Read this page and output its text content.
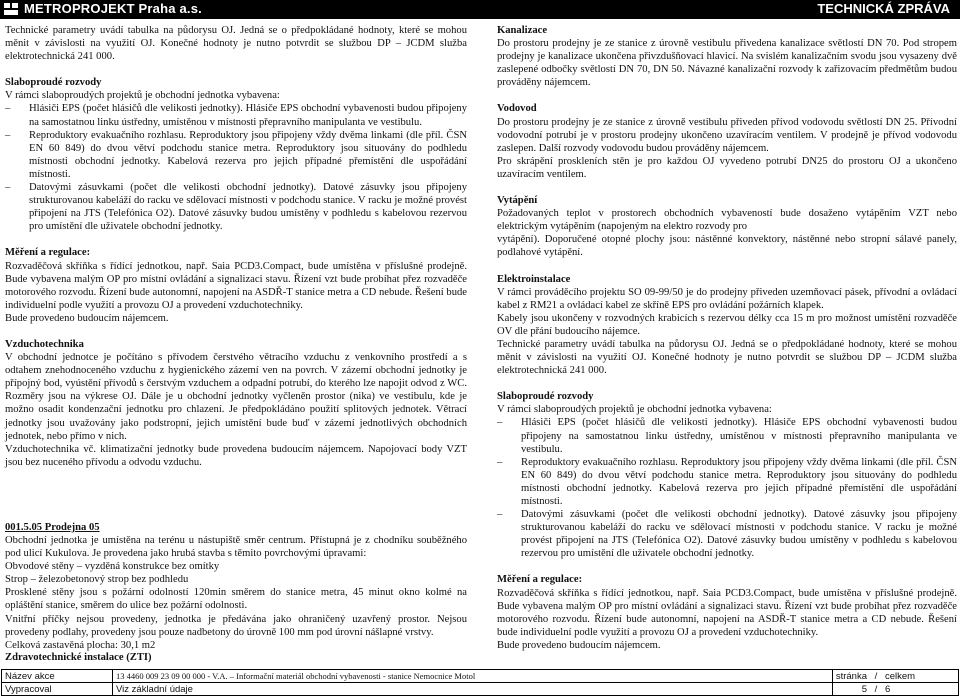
METROPROJEKT Praha a.s.	TECHNICKÁ ZPRÁVA

Technické parametry uvádí tabulka na půdorysu OJ. Jedná se o předpokládané hodnoty, které se mohou měnit v závislosti na využití OJ. Konečné hodnoty je nutno potvrdit se službou DP – JCDM služba elektrotechnická 241 000.

Slaboproudé rozvody

V rámci slaboproudých projektů je obchodní jednotka vybavena:

–	Hlásiči EPS (počet hlásičů dle velikosti jednotky). Hlásiče EPS obchodní vybavenosti budou připojeny na samostatnou linku ústředny, umístěnou v místnosti přepravního manipulanta ve vestibulu.
–	Reproduktory evakuačního rozhlasu. Reproduktory jsou připojeny vždy dvěma linkami (dle příl. ČSN EN 60 849) do dvou větví podchodu stanice metra. Reproduktory jsou situovány do podhledu místnosti obchodní jednotky. Kabelová rezerva pro jejich případné přemístění dle uspořádání místnosti.
–	Datovými zásuvkami (počet dle velikosti obchodní jednotky). Datové zásuvky jsou připojeny strukturovanou kabeláží do racku ve sdělovací místnosti v podchodu stanice. V racku je možné provést připojení na JTS (Telefónica O2). Datové zásuvky budou umístěny v podhledu s kabelovou rezervou pro umístění dle uživatele obchodní jednotky.

Měření a regulace:

Rozvaděčová skříňka s řídící jednotkou, např. Saia PCD3.Compact, bude umístěna v příslušné prodejně. Bude vybavena malým OP pro místní ovládání a signalizaci stavu. Řízení vzt bude probíhat přez rozvaděče motorového rozvodu. Řízení bude autonomní, napojení na ASDŘ-T stanice metra a CD nebude. Řešení bude individuelní podle využití a provozu OJ a provedení vzduchotechniky.

Bude provedeno budoucím nájemcem.

Vzduchotechnika

V obchodní jednotce je počítáno s přívodem čerstvého větracího vzduchu z venkovního prostředí a s odtahem znehodnoceného vzduchu z hygienického zázemí ven na povrch. V zázemí obchodní jednotky je přípojný bod, vyústění přívodů s čerstvým vzduchem a odpadní potrubí, do kterého lze napojit odvod z WC. Rozměry jsou na výkrese OJ. Dále je u obchodní jednotky vyčleněn prostor (nika) ve vestibulu, kde je možno osadit kondenzační jednotku pro chlazení. Je předpokládáno použití splitových jednotek. Větrací jednotky jsou uvažovány jako podstropní, jejich umístění bude buď v zázemí jednotlivých obchodních jednotek, nebo přímo v nich.

Vzduchotechnika vč. klimatizační jednotky bude provedena budoucím nájemcem. Napojovací body VZT jsou bez nuceného přívodu a odvodu vzduchu.

001.5.05 Prodejna 05

Obchodní jednotka je umístěna na terénu u nástupiště směr centrum. Přístupná je z chodníku souběžného pod ulicí Kukulova. Je provedena jako hrubá stavba s těmito povrchovými úpravami:

Obvodové stěny – vyzděná konstrukce bez omítky

Strop – železobetonový strop bez podhledu

Prosklené stěny jsou s požární odolností 120min směrem do stanice metra, 45 minut okno kolmé na opláštění stanice, směrem do ulice bez požární odolnosti.

Vnitřní příčky nejsou provedeny, jednotka je předávána jako ohraničený uzavřený prostor. Nejsou provedeny podlahy, provedeny jsou pouze nadbetony do úrovně 100 mm pod úrovní nášlapné vrstvy.

Celková zastavěná plocha: 30,1 m2

Zdravotechnické instalace (ZTI)

Kanalizace

Do prostoru prodejny je ze stanice z úrovně vestibulu přivedena kanalizace světlostí DN 70. Pod stropem prodejny je kanalizace ukončena přivzdušňovací hlavicí. Na svislém kanalizačním svodu jsou vysazeny dvě zaslepené odbočky světlostí DN 70, DN 50. Návazné kanalizační rozvody k zařizovacím předmětům budou prováděny nájemcem.

Vodovod

Do prostoru prodejny je ze stanice z úrovně vestibulu přiveden přívod vodovodu světlostí DN 25. Přívodní vodovodní potrubí je v prostoru prodejny ukončeno uzavíracím ventilem. V prodejně je přívod vodovodu zaslepen. Další rozvody vodovodu budou prováděny nájemcem.

Pro skrápění proskleních stěn je pro každou OJ vyvedeno potrubí DN25 do prostoru OJ a ukončeno uzavíracím ventilem.

Vytápění

Požadovaných teplot v prostorech obchodních vybaveností bude dosaženo vytápěním VZT nebo elektrickým vytápěním (napojeným na elektro rozvody pro

vytápění). Doporučené otopné plochy jsou: nástěnné konvektory, nástěnné nebo stropní sálavé panely, podlahové vytápění.

Elektroinstalace

V rámci prováděcího projektu SO 09-99/50 je do prodejny přiveden uzemňovací pásek, přívodní a ovládací kabel z RM21 a ovládací kabel ze skříně EPS pro ovládání požárních klapek.

Kabely jsou ukončeny v rozvodných krabicích s rezervou délky cca 15 m pro možnost umístění rozvaděče OV dle přání budoucího nájemce.

Technické parametry uvádí tabulka na půdorysu OJ. Jedná se o předpokládané hodnoty, které se mohou měnit v závislosti na využití OJ. Konečné hodnoty je nutno potvrdit se službou DP – JCDM služba elektrotechnická 241 000.

Slaboproudé rozvody

V rámci slaboproudých projektů je obchodní jednotka vybavena:

–	Hlásiči EPS (počet hlásičů dle velikosti jednotky). Hlásiče EPS obchodní vybavenosti budou připojeny na samostatnou linku ústředny, umístěnou v místnosti přepravního manipulanta ve vestibulu.
–	Reproduktory evakuačního rozhlasu. Reproduktory jsou připojeny vždy dvěma linkami (dle příl. ČSN EN 60 849) do dvou větví podchodu stanice metra. Reproduktory jsou situovány do podhledu místnosti obchodní jednotky. Kabelová rezerva pro jejich případné přemístění dle uspořádání místnosti.
–	Datovými zásuvkami (počet dle velikosti obchodní jednotky). Datové zásuvky jsou připojeny strukturovanou kabeláží do racku ve sdělovací místnosti v podchodu stanice. V racku je možné provést připojení na JTS (Telefónica O2). Datové zásuvky budou umístěny v podhledu s kabelovou rezervou pro umístění dle uživatele obchodní jednotky.

Měření a regulace:

Rozvaděčová skříňka s řídící jednotkou, např. Saia PCD3.Compact, bude umístěna v příslušné prodejně. Bude vybavena malým OP pro místní ovládání a signalizaci stavu. Řízení vzt bude probíhat přez rozvaděče motorového rozvodu. Řízení bude autonomní, napojení na ASDŘ-T stanice metra a CD nebude. Řešení bude individuelní podle využití a provozu OJ a provedení vzduchotechniky.

Bude provedeno budoucím nájemcem.

Název akce	13 4460 009 23 09 00 000 - V.A. – Informační materiál obchodní vybavenosti - stanice Nemocnice Motol	stránka	/	celkem
Vypracoval	Viz základní údaje	5	/	6
